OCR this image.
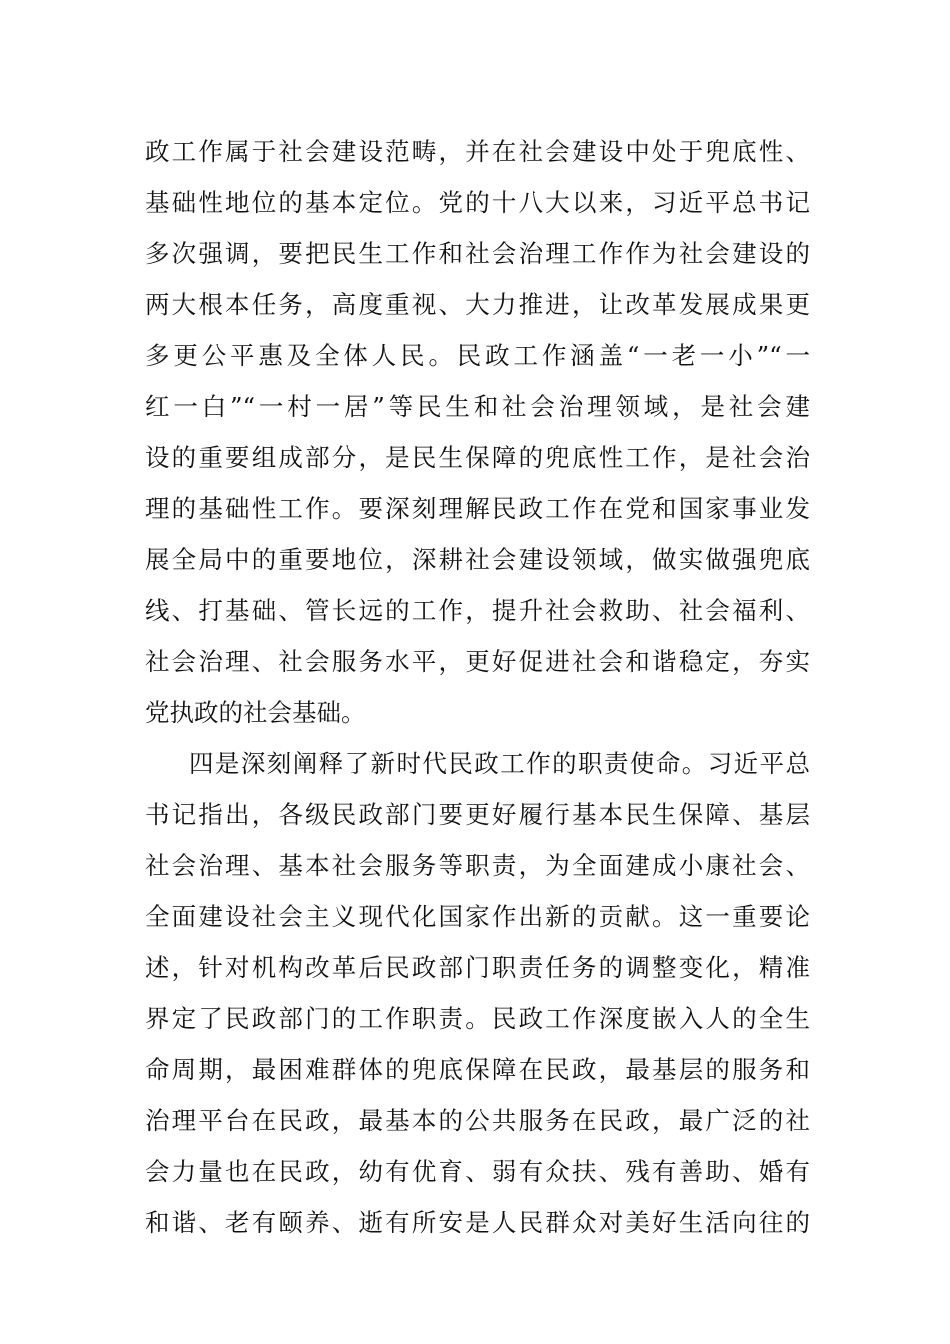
政工作属于社会建设范畴，并在社会建设中处于兜底性、
基础性地位的基本定位。党的十八大以来，习近平总书记
多次强调，要把民生工作和社会治理工作作为社会建设的
两大根本任务，高度重视、大力推进，让改革发展成果更
多更公平惠及全体人民。民政工作涵盖“一老一小”“一
红一白”“一村一居”等民生和社会治理领域，是社会建
设的重要组成部分，是民生保障的兜底性工作，是社会治
理的基础性工作。要深刻理解民政工作在党和国家事业发
展全局中的重要地位，深耕社会建设领域，做实做强兜底
线、打基础、管长远的工作，提升社会救助、社会福利、
社会治理、社会服务水平，更好促进社会和谐稳定，夯实
党执政的社会基础。
四是深刻阐释了新时代民政工作的职责使命。习近平总
书记指出，各级民政部门要更好履行基本民生保障、基层
社会治理、基本社会服务等职责，为全面建成小康社会、
全面建设社会主义现代化国家作出新的贡献。这一重要论
述，针对机构改革后民政部门职责任务的调整变化，精准
界定了民政部门的工作职责。民政工作深度嵌入人的全生
命周期，最困难群体的兜底保障在民政，最基层的服务和
治理平台在民政，最基本的公共服务在民政，最广泛的社
会力量也在民政，幼有优育、弱有众扶、残有善助、婚有
和谐、老有颐养、逝有所安是人民群众对美好生活向往的
